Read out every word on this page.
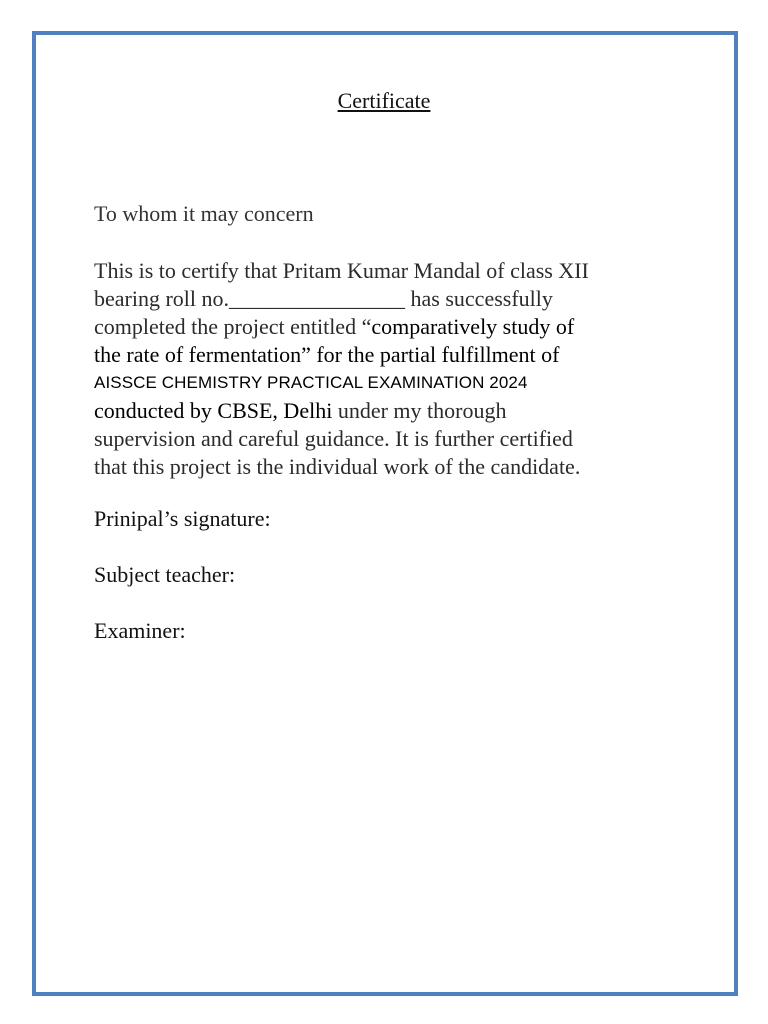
Certificate
To whom it may concern
This is to certify that Pritam Kumar Mandal of class XII
bearing roll no.________________ has successfully
completed the project entitled “comparatively study of
the rate of fermentation” for the partial fulfillment of
AISSCE CHEMISTRY PRACTICAL EXAMINATION 2024
conducted by CBSE, Delhi under my thorough
supervision and careful guidance. It is further certified
that this project is the individual work of the candidate.
Prinipal’s signature:
Subject teacher:
Examiner:
